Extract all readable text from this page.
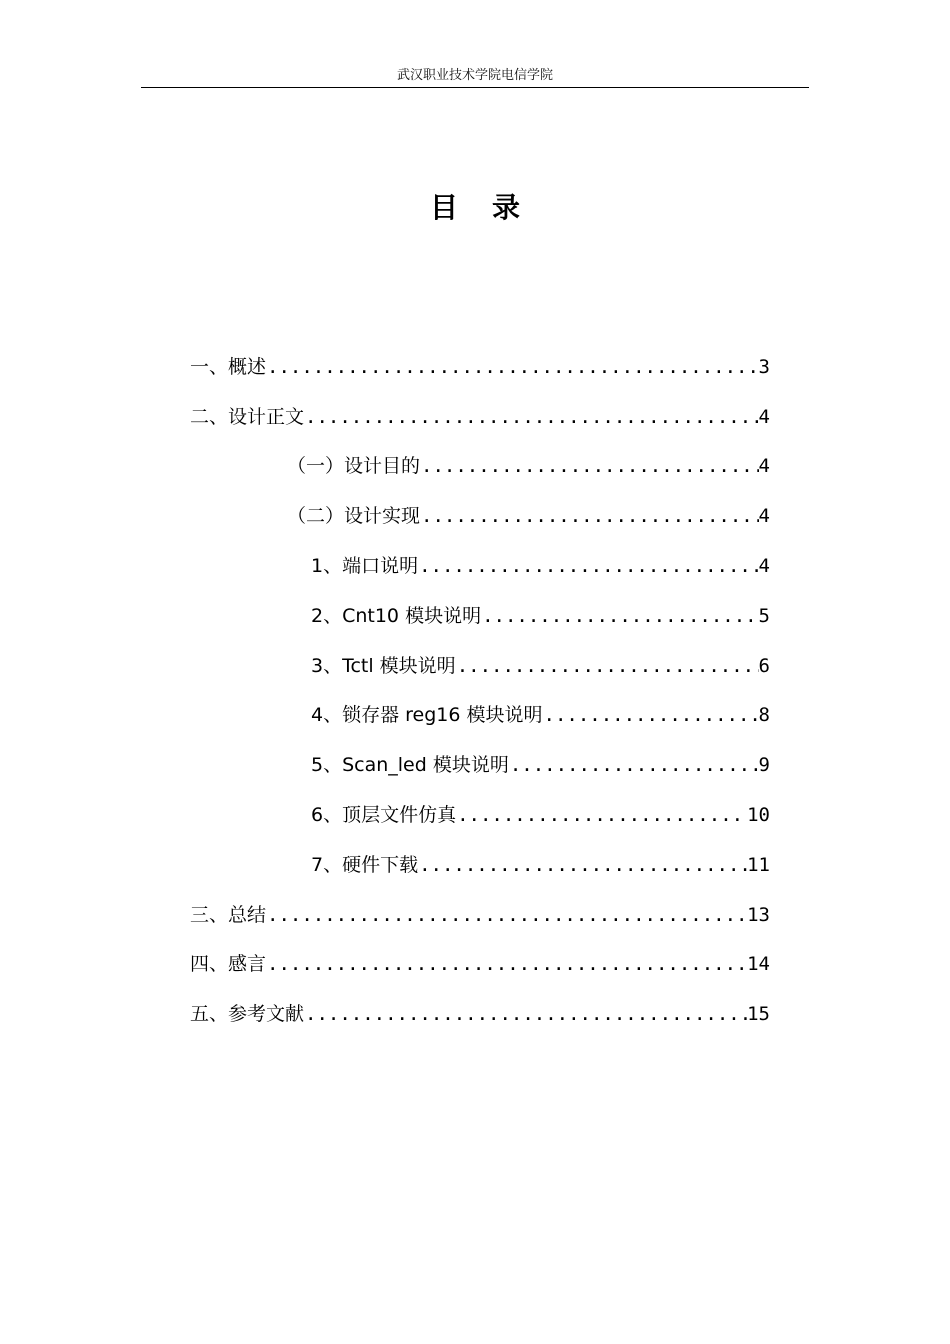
武汉职业技术学院电信学院
目录
一、概述 .....	3
二、设计正文 .....	4
（一）设计目的 .....	4
（二）设计实现 .....	4
1、端口说明 .....	4
2、Cnt10 模块说明 .....	5
3、Tctl 模块说明 .....	6
4、锁存器 reg16 模块说明 .....	8
5、Scan_led 模块说明 .....	9
6、顶层文件仿真 .....	10
7、硬件下载 .....	11
三、总结 .....	13
四、感言 .....	14
五、参考文献 .....	15
